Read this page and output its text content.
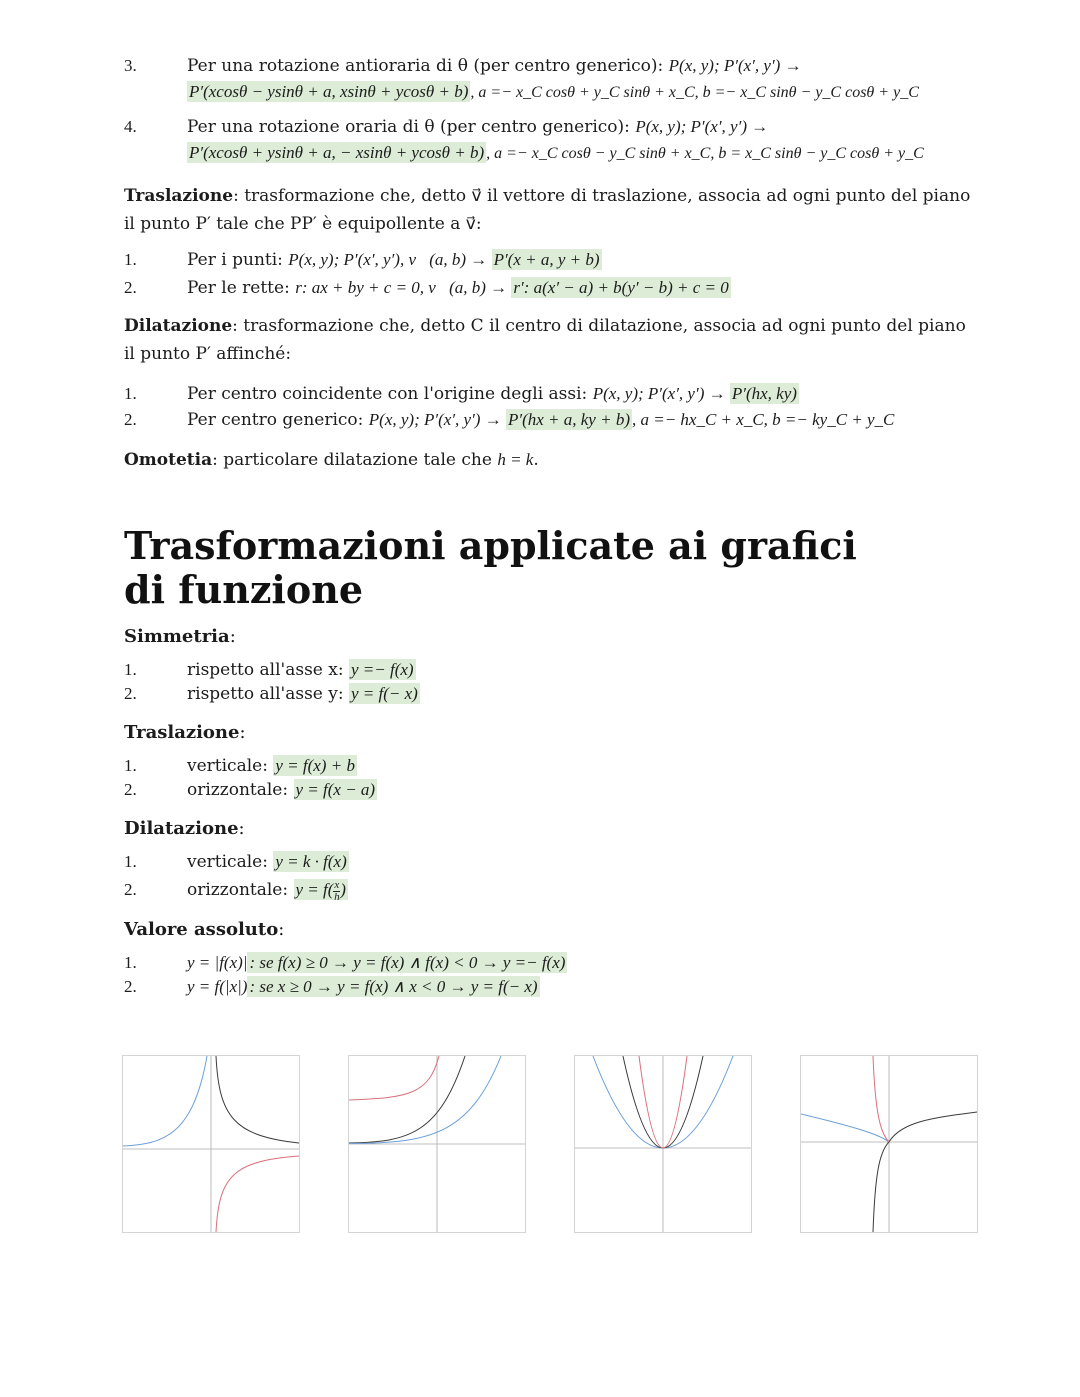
3.	Per una rotazione antioraria di θ (per centro generico): P(x, y); P′(x′, y′) →
P′(xcosθ − ysinθ + a, xsinθ + ycosθ + b) , a =− x_C cosθ + y_C sinθ + x_C, b =− x_C sinθ − y_C cosθ + y_C
4.	Per una rotazione oraria di θ (per centro generico): P(x, y); P′(x′, y′) →
P′(xcosθ + ysinθ + a, − xsinθ + ycosθ + b) , a =− x_C cosθ − y_C sinθ + x_C, b = x_C sinθ − y_C cosθ + y_C

Traslazione: trasformazione che, detto v⃗ il vettore di traslazione, associa ad ogni punto del piano il punto P′ tale che PP′ è equipollente a v⃗:

1.	Per i punti: P(x, y); P′(x′, y′), v⃗(a, b) → P′(x + a, y + b)
2.	Per le rette: r: ax + by + c = 0, v⃗(a, b) → r′: a(x′ − a) + b(y′ − b) + c = 0

Dilatazione: trasformazione che, detto C il centro di dilatazione, associa ad ogni punto del piano il punto P′ affinché:

1.	Per centro coincidente con l'origine degli assi: P(x, y); P′(x′, y′) → P′(hx, ky)
2.	Per centro generico: P(x, y); P′(x′, y′) → P′(hx + a, ky + b) , a =− hx_C + x_C, b =− ky_C + y_C

Omotetia: particolare dilatazione tale che h = k.

Trasformazioni applicate ai grafici di funzione

Simmetria:

1.	rispetto all'asse x: y =− f(x)
2.	rispetto all'asse y: y = f(− x)

Traslazione:

1.	verticale: y = f(x) + b
2.	orizzontale: y = f(x − a)

Dilatazione:

1.	verticale: y = k · f(x)
2.	orizzontale: $y = f( \frac{x}{h}$ )

Valore assoluto:

1.	y = |f(x)| : se f(x) ≥ 0 → y = f(x) ∧ f(x) < 0 → y =− f(x)
2.	y = f(|x|) : se x ≥ 0 → y = f(x) ∧ x < 0 → y = f(− x)
